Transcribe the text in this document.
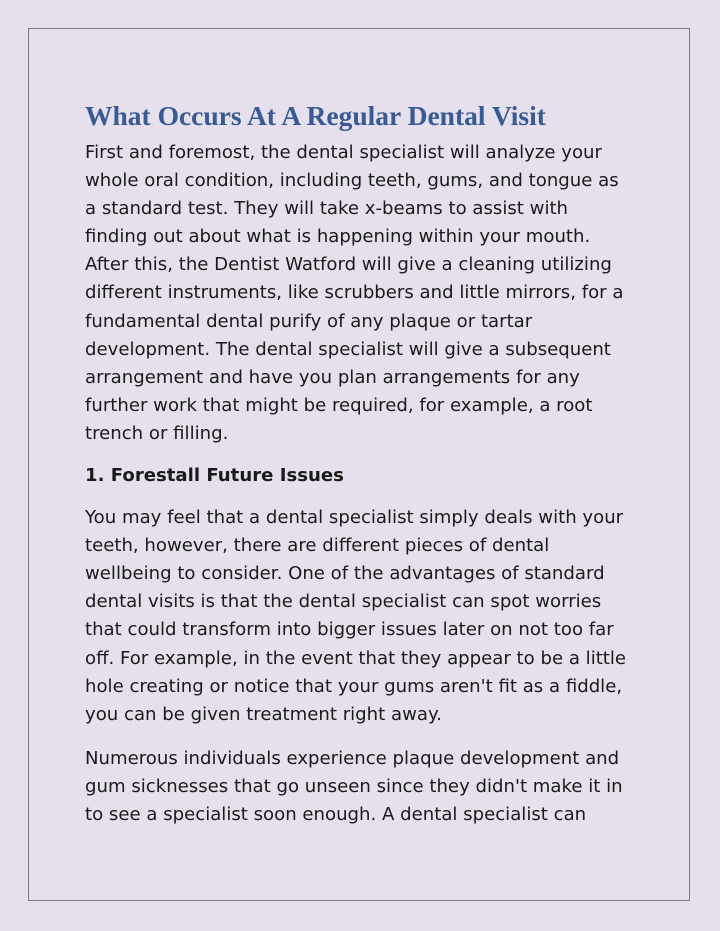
What Occurs At A Regular Dental Visit

First and foremost, the dental specialist will analyze your
whole oral condition, including teeth, gums, and tongue as
a standard test. They will take x-beams to assist with
finding out about what is happening within your mouth.
After this, the Dentist Watford will give a cleaning utilizing
different instruments, like scrubbers and little mirrors, for a
fundamental dental purify of any plaque or tartar
development. The dental specialist will give a subsequent
arrangement and have you plan arrangements for any
further work that might be required, for example, a root
trench or filling.

1. Forestall Future Issues

You may feel that a dental specialist simply deals with your
teeth, however, there are different pieces of dental
wellbeing to consider. One of the advantages of standard
dental visits is that the dental specialist can spot worries
that could transform into bigger issues later on not too far
off. For example, in the event that they appear to be a little
hole creating or notice that your gums aren't fit as a fiddle,
you can be given treatment right away.

Numerous individuals experience plaque development and
gum sicknesses that go unseen since they didn't make it in
to see a specialist soon enough. A dental specialist can
